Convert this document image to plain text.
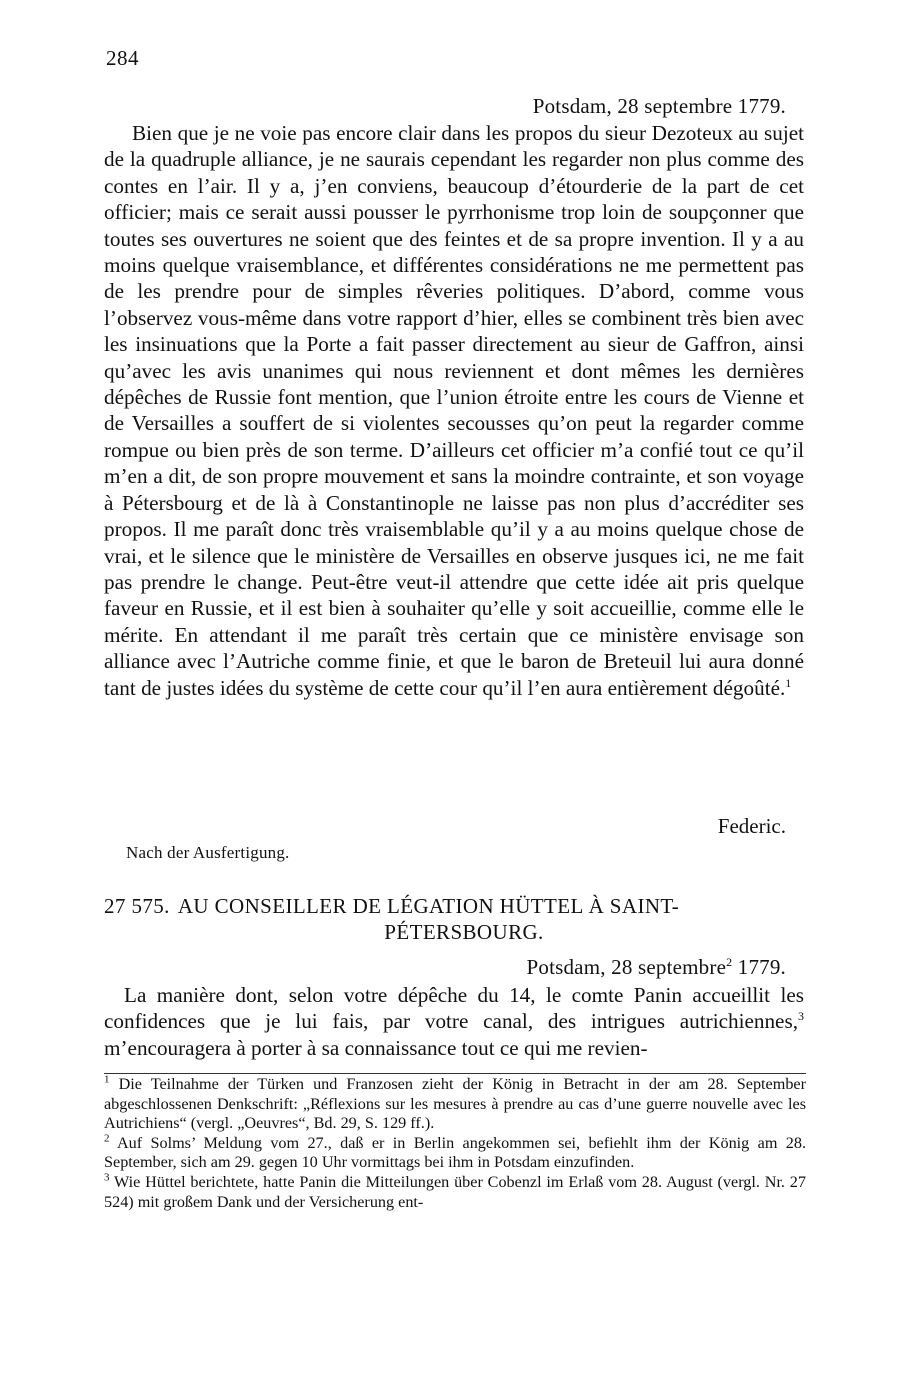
284
Potsdam, 28 septembre 1779.

Bien que je ne voie pas encore clair dans les propos du sieur Dezoteux au sujet de la quadruple alliance, je ne saurais cependant les regarder non plus comme des contes en l’air. Il y a, j’en conviens, beaucoup d’étourderie de la part de cet officier; mais ce serait aussi pousser le pyrrhonisme trop loin de soupçonner que toutes ses ouvertures ne soient que des feintes et de sa propre invention. Il y a au moins quelque vraisemblance, et différentes considérations ne me permettent pas de les prendre pour de simples rêveries politiques. D’abord, comme vous l’observez vous-même dans votre rapport d’hier, elles se combinent très bien avec les insinuations que la Porte a fait passer directement au sieur de Gaffron, ainsi qu’avec les avis unanimes qui nous reviennent et dont mêmes les dernières dépêches de Russie font mention, que l’union étroite entre les cours de Vienne et de Versailles a souffert de si violentes secousses qu’on peut la regarder comme rompue ou bien près de son terme. D’ailleurs cet officier m’a confié tout ce qu’il m’en a dit, de son propre mouvement et sans la moindre contrainte, et son voyage à Pétersbourg et de là à Constantinople ne laisse pas non plus d’accréditer ses propos. Il me paraît donc très vraisemblable qu’il y a au moins quelque chose de vrai, et le silence que le ministère de Versailles en observe jusques ici, ne me fait pas prendre le change. Peut-être veut-il attendre que cette idée ait pris quelque faveur en Russie, et il est bien à souhaiter qu’elle y soit accueillie, comme elle le mérite. En attendant il me paraît très certain que ce ministère envisage son alliance avec l’Autriche comme finie, et que le baron de Breteuil lui aura donné tant de justes idées du système de cette cour qu’il l’en aura entièrement dégoûté.$^1$

Federic.
Nach der Ausfertigung.
27 575. AU CONSEILLER DE LÉGATION HÜTTEL À SAINT-
PÉTERSBOURG.
Potsdam, 28 septembre$^2$ 1779.

La manière dont, selon votre dépêche du 14, le comte Panin accueillit les confidences que je lui fais, par votre canal, des intrigues autrichiennes,$^3$ m’encouragera à porter à sa connaissance tout ce qui me revien-

$^1$ Die Teilnahme der Türken und Franzosen zieht der König in Betracht in der am 28. September abgeschlossenen Denkschrift: „Réflexions sur les mesures à prendre au cas d’une guerre nouvelle avec les Autrichiens“ (vergl. „Oeuvres“, Bd. 29, S. 129 ff.).

$^2$ Auf Solms’ Meldung vom 27., daß er in Berlin angekommen sei, befiehlt ihm der König am 28. September, sich am 29. gegen 10 Uhr vormittags bei ihm in Potsdam einzufinden.

$^3$ Wie Hüttel berichtete, hatte Panin die Mitteilungen über Cobenzl im Erlaß vom 28. August (vergl. Nr. 27 524) mit großem Dank und der Versicherung ent-
